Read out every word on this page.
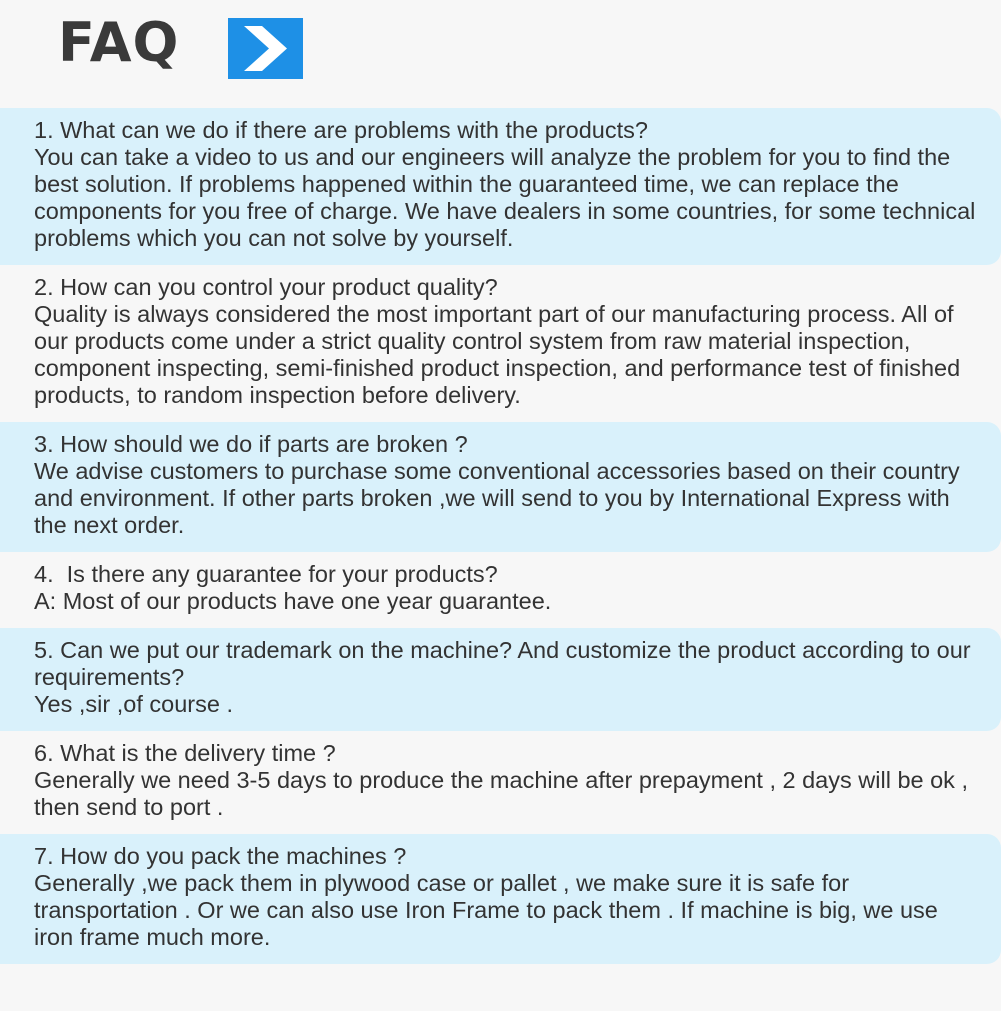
FAQ
1. What can we do if there are problems with the products?
You can take a video to us and our engineers will analyze the problem for you to find the best solution. If problems happened within the guaranteed time, we can replace the components for you free of charge. We have dealers in some countries, for some technical problems which you can not solve by yourself.
2. How can you control your product quality?
Quality is always considered the most important part of our manufacturing process. All of our products come under a strict quality control system from raw material inspection, component inspecting, semi-finished product inspection, and performance test of finished products, to random inspection before delivery.
3. How should we do if parts are broken ?
We advise customers to purchase some conventional accessories based on their country and environment. If other parts broken ,we will send to you by International Express with the next order.
4.  Is there any guarantee for your products?
A: Most of our products have one year guarantee.
5. Can we put our trademark on the machine? And customize the product according to our requirements?
Yes ,sir ,of course .
6. What is the delivery time ?
Generally we need 3-5 days to produce the machine after prepayment , 2 days will be ok , then send to port .
7. How do you pack the machines ?
Generally ,we pack them in plywood case or pallet , we make sure it is safe for transportation . Or we can also use Iron Frame to pack them . If machine is big, we use iron frame much more.
